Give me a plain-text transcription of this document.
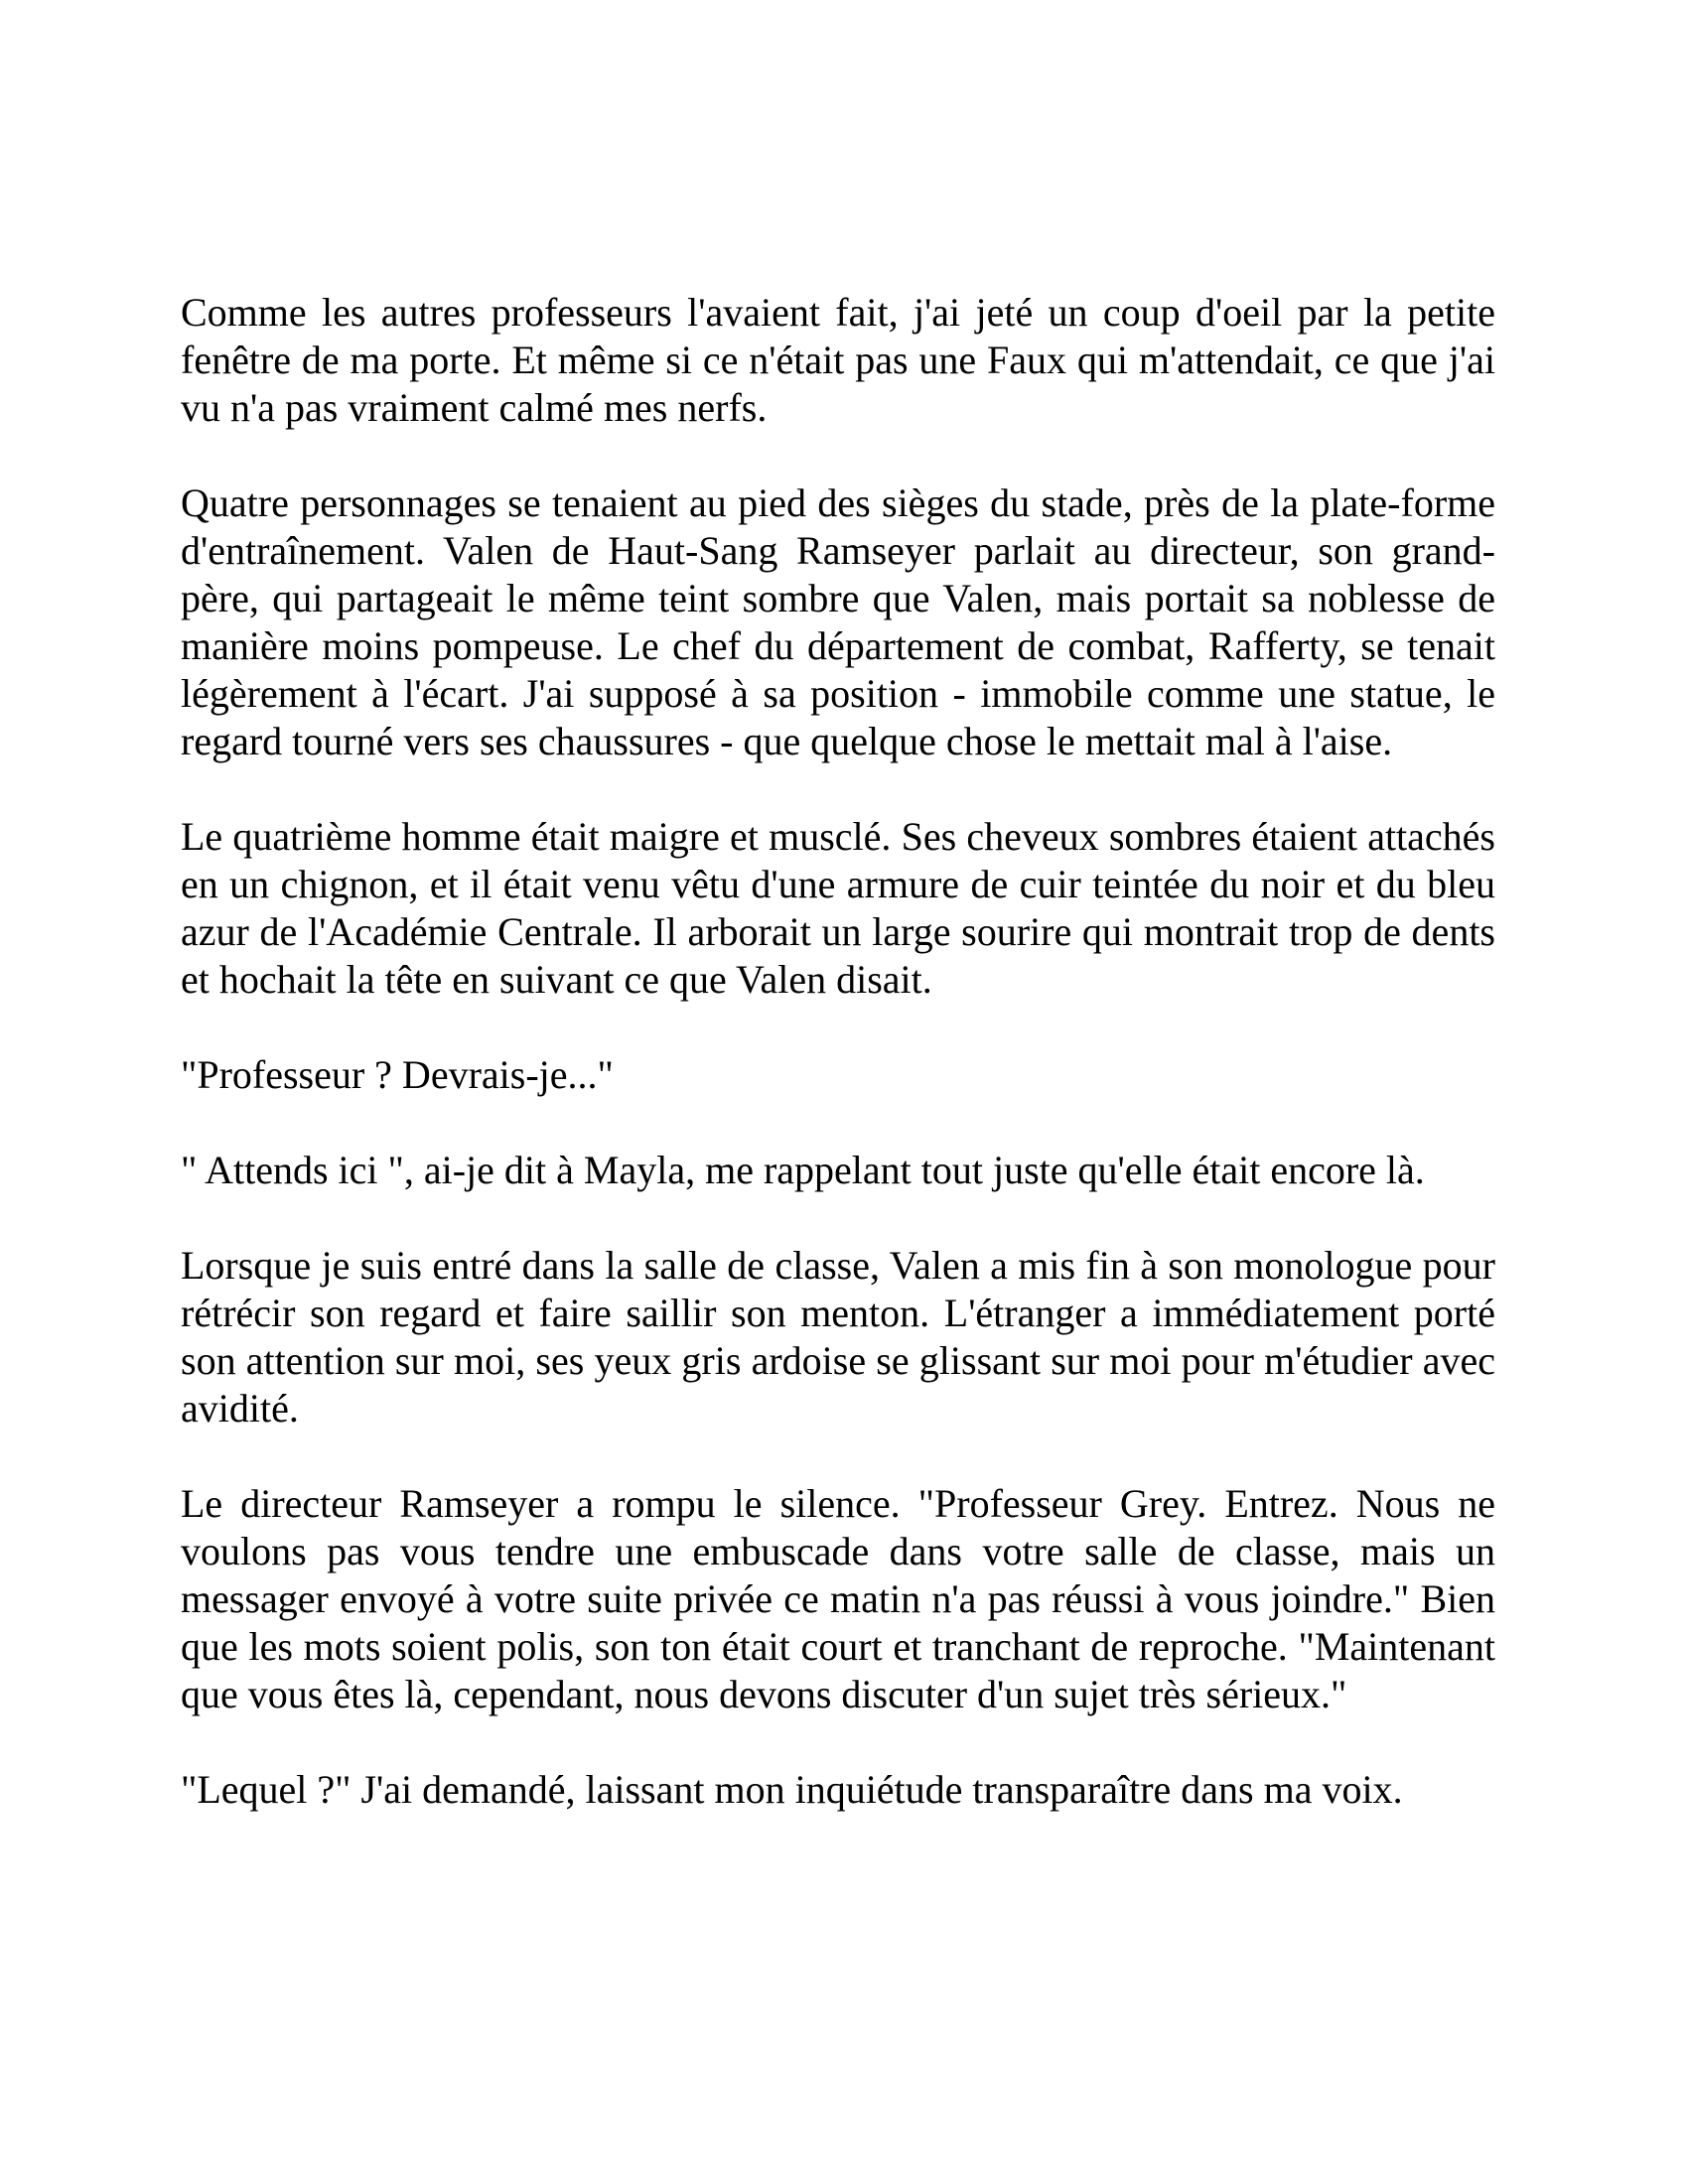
Comme les autres professeurs l'avaient fait, j'ai jeté un coup d'oeil par la petite fenêtre de ma porte. Et même si ce n'était pas une Faux qui m'attendait, ce que j'ai vu n'a pas vraiment calmé mes nerfs.

Quatre personnages se tenaient au pied des sièges du stade, près de la plate-forme d'entraînement. Valen de Haut-Sang Ramseyer parlait au directeur, son grand-père, qui partageait le même teint sombre que Valen, mais portait sa noblesse de manière moins pompeuse. Le chef du département de combat, Rafferty, se tenait légèrement à l'écart. J'ai supposé à sa position - immobile comme une statue, le regard tourné vers ses chaussures - que quelque chose le mettait mal à l'aise.

Le quatrième homme était maigre et musclé. Ses cheveux sombres étaient attachés en un chignon, et il était venu vêtu d'une armure de cuir teintée du noir et du bleu azur de l'Académie Centrale. Il arborait un large sourire qui montrait trop de dents et hochait la tête en suivant ce que Valen disait.

"Professeur ? Devrais-je..."

" Attends ici ", ai-je dit à Mayla, me rappelant tout juste qu'elle était encore là.

Lorsque je suis entré dans la salle de classe, Valen a mis fin à son monologue pour rétrécir son regard et faire saillir son menton. L'étranger a immédiatement porté son attention sur moi, ses yeux gris ardoise se glissant sur moi pour m'étudier avec avidité.

Le directeur Ramseyer a rompu le silence. "Professeur Grey. Entrez. Nous ne voulons pas vous tendre une embuscade dans votre salle de classe, mais un messager envoyé à votre suite privée ce matin n'a pas réussi à vous joindre." Bien que les mots soient polis, son ton était court et tranchant de reproche. "Maintenant que vous êtes là, cependant, nous devons discuter d'un sujet très sérieux."

"Lequel ?" J'ai demandé, laissant mon inquiétude transparaître dans ma voix.
